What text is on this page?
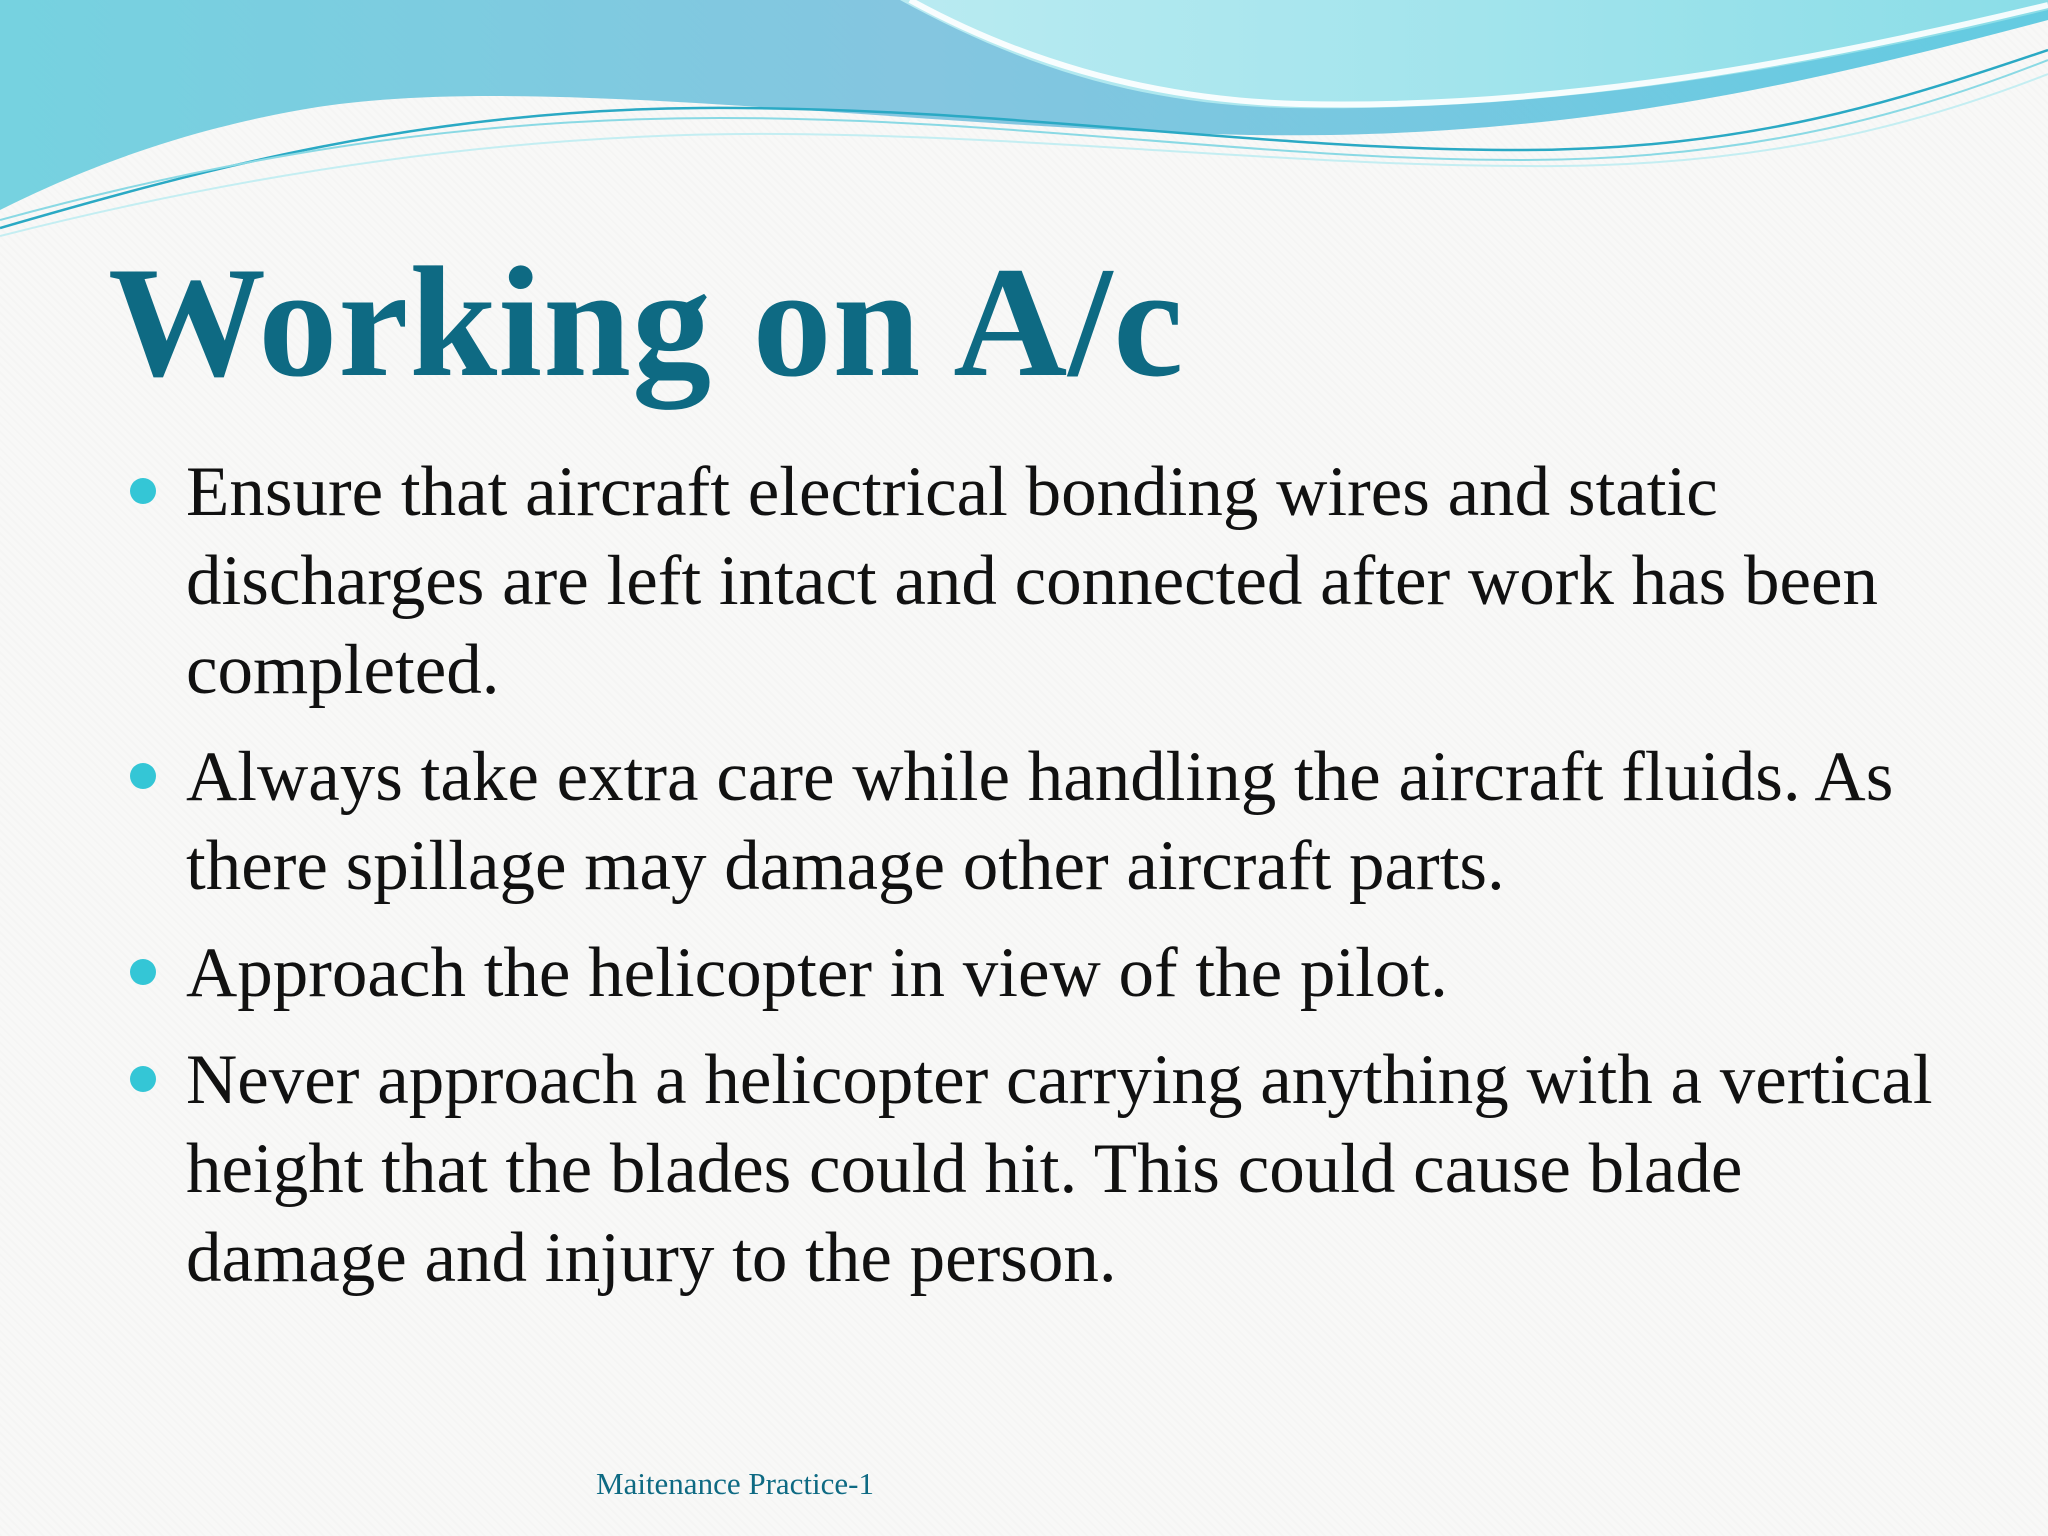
Working on A/c
Ensure that aircraft electrical bonding wires and static discharges are left intact and connected after work has been completed.
Always take extra care while handling the aircraft fluids. As there spillage may damage other aircraft parts.
Approach the helicopter in view of the pilot.
Never approach a helicopter carrying anything with a vertical height that the blades could hit. This could cause blade damage and injury to the person.
Maitenance Practice-1
